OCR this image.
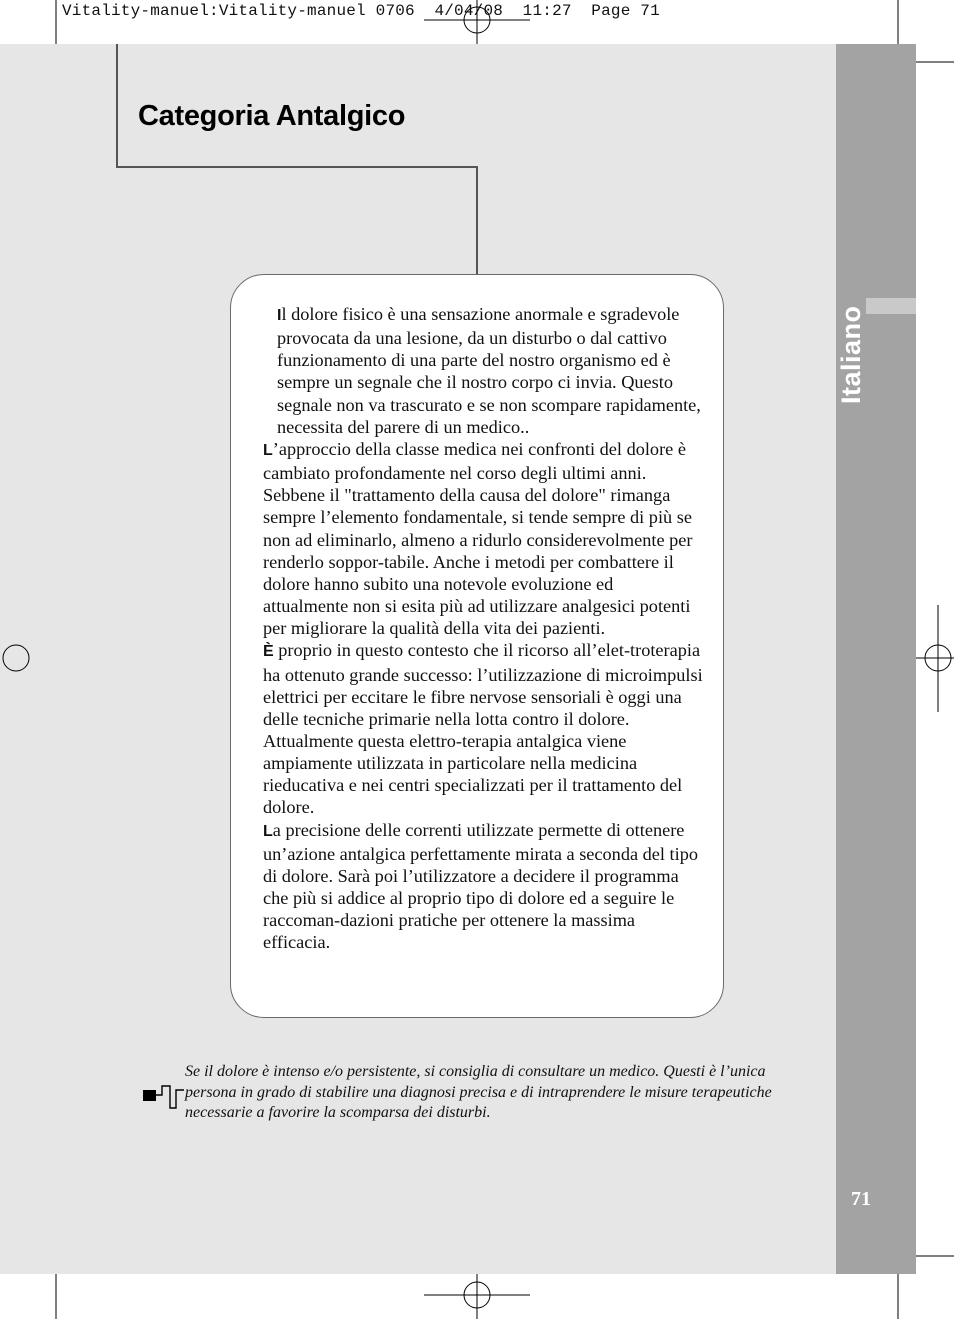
Vitality-manuel:Vitality-manuel 0706  4/04/08  11:27  Page 71
Italiano
71
Categoria Antalgico

Il dolore fisico è una sensazione anormale e sgradevole provocata da una lesione, da un disturbo o dal cattivo funzionamento di una parte del nostro organismo ed è sempre un segnale che il nostro corpo ci invia. Questo segnale non va trascurato e se non scompare rapidamente, necessita del parere di un medico..

L’approccio della classe medica nei confronti del dolore è cambiato profondamente nel corso degli ultimi anni. Sebbene il "trattamento della causa del dolore" rimanga sempre l’elemento fondamentale, si tende sempre di più se non ad eliminarlo, almeno a ridurlo considerevolmente per renderlo soppor-tabile. Anche i metodi per combattere il dolore hanno subito una notevole evoluzione ed attualmente non si esita più ad utilizzare analgesici potenti per migliorare la qualità della vita dei pazienti.

È proprio in questo contesto che il ricorso all’elet-troterapia ha ottenuto grande successo: l’utilizzazione di microimpulsi elettrici per eccitare le fibre nervose sensoriali è oggi una delle tecniche primarie nella lotta contro il dolore. Attualmente questa elettro-terapia antalgica viene ampiamente utilizzata in particolare nella medicina rieducativa e nei centri specializzati per il trattamento del dolore.

La precisione delle correnti utilizzate permette di ottenere un’azione antalgica perfettamente mirata a seconda del tipo di dolore. Sarà poi l’utilizzatore a decidere il programma che più si addice al proprio tipo di dolore ed a seguire le raccoman-dazioni pratiche per ottenere la massima efficacia.

Se il dolore è intenso e/o persistente, si consiglia di consultare un medico. Questi è l’unica persona in grado di stabilire una diagnosi precisa e di intraprendere le misure terapeutiche necessarie a favorire la scomparsa dei disturbi.
